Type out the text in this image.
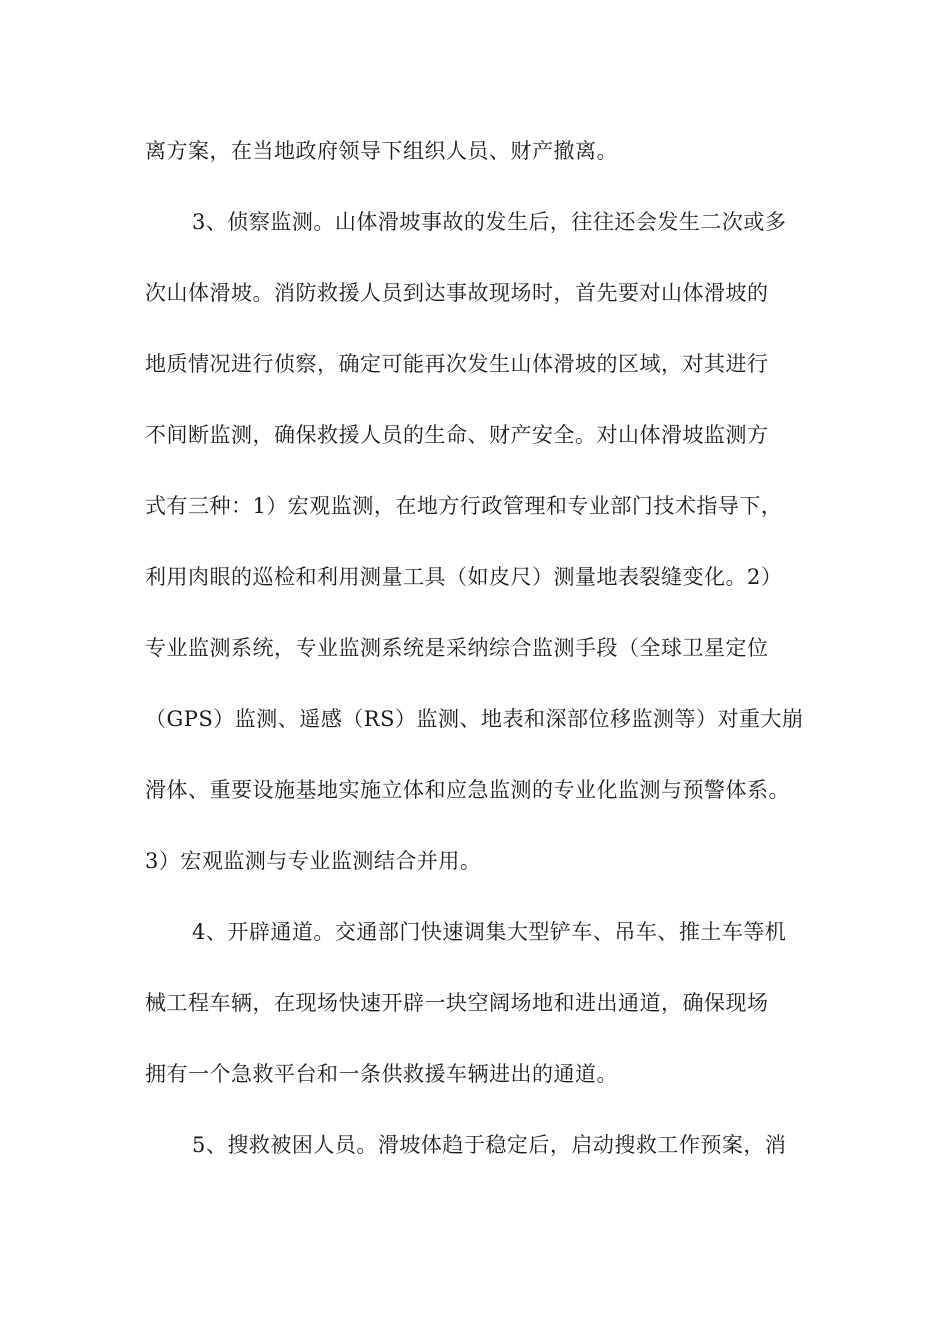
离方案，在当地政府领导下组织人员、财产撤离。
3、侦察监测。山体滑坡事故的发生后，往往还会发生二次或多
次山体滑坡。消防救援人员到达事故现场时，首先要对山体滑坡的
地质情况进行侦察，确定可能再次发生山体滑坡的区域，对其进行
不间断监测，确保救援人员的生命、财产安全。对山体滑坡监测方
式有三种：1）宏观监测，在地方行政管理和专业部门技术指导下，
利用肉眼的巡检和利用测量工具（如皮尺）测量地表裂缝变化。2）
专业监测系统，专业监测系统是采纳综合监测手段（全球卫星定位
（GPS）监测、遥感（RS）监测、地表和深部位移监测等）对重大崩
滑体、重要设施基地实施立体和应急监测的专业化监测与预警体系。
3）宏观监测与专业监测结合并用。
4、开辟通道。交通部门快速调集大型铲车、吊车、推土车等机
械工程车辆，在现场快速开辟一块空阔场地和进出通道，确保现场
拥有一个急救平台和一条供救援车辆进出的通道。
5、搜救被困人员。滑坡体趋于稳定后，启动搜救工作预案，消
